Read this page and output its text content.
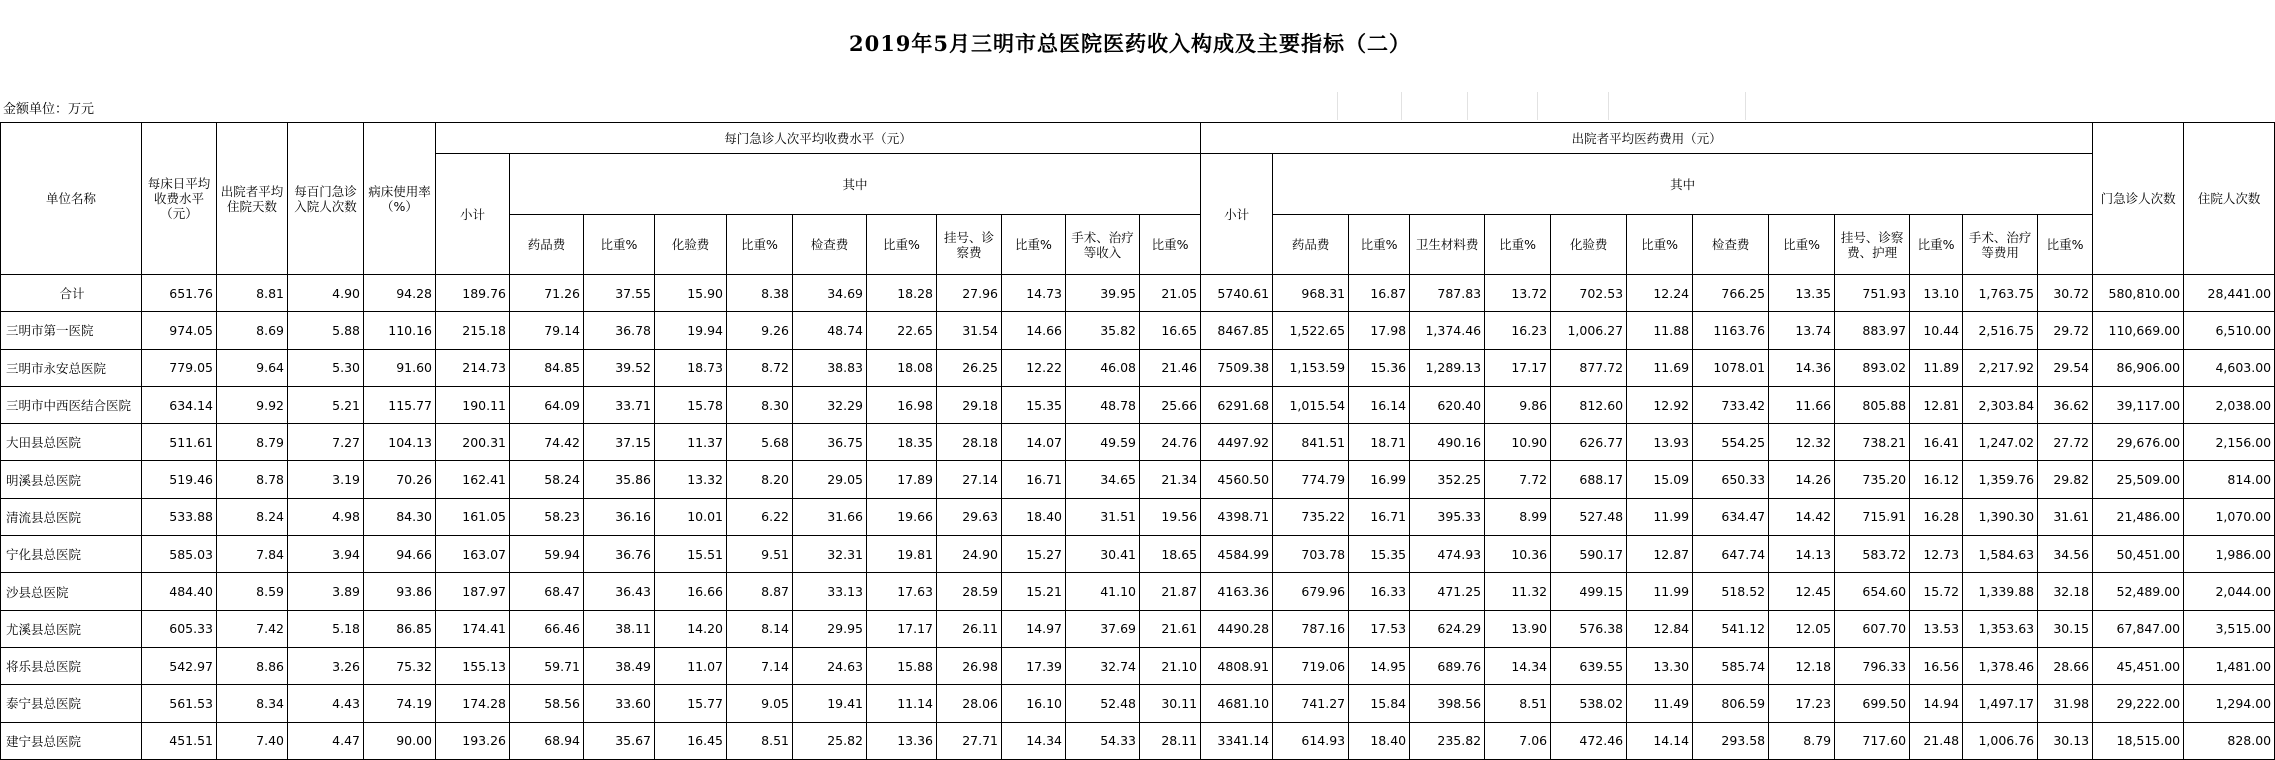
2019年5月三明市总医院医药收入构成及主要指标（二）
金额单位：万元
单位名称	每床日平均收费水平（元）	出院者平均住院天数	每百门急诊入院人次数	病床使用率（%）	每门急诊人次平均收费水平（元）											出院者平均医药费用（元）													门急诊人次数	住院人次数
					小计	其中										小计	其中													
						药品费	比重%	化验费	比重%	检查费	比重%	挂号、诊察费	比重%	手术、治疗等收入	比重%		药品费	比重%	卫生材料费	比重%	化验费	比重%	检查费	比重%	挂号、诊察费、护理	比重%	手术、治疗等费用	比重%		
合计	651.76	8.81	4.90	94.28	189.76	71.26	37.55	15.90	8.38	34.69	18.28	27.96	14.73	39.95	21.05	5740.61	968.31	16.87	787.83	13.72	702.53	12.24	766.25	13.35	751.93	13.10	1,763.75	30.72	580,810.00	28,441.00
三明市第一医院	974.05	8.69	5.88	110.16	215.18	79.14	36.78	19.94	9.26	48.74	22.65	31.54	14.66	35.82	16.65	8467.85	1,522.65	17.98	1,374.46	16.23	1,006.27	11.88	1163.76	13.74	883.97	10.44	2,516.75	29.72	110,669.00	6,510.00
三明市永安总医院	779.05	9.64	5.30	91.60	214.73	84.85	39.52	18.73	8.72	38.83	18.08	26.25	12.22	46.08	21.46	7509.38	1,153.59	15.36	1,289.13	17.17	877.72	11.69	1078.01	14.36	893.02	11.89	2,217.92	29.54	86,906.00	4,603.00
三明市中西医结合医院	634.14	9.92	5.21	115.77	190.11	64.09	33.71	15.78	8.30	32.29	16.98	29.18	15.35	48.78	25.66	6291.68	1,015.54	16.14	620.40	9.86	812.60	12.92	733.42	11.66	805.88	12.81	2,303.84	36.62	39,117.00	2,038.00
大田县总医院	511.61	8.79	7.27	104.13	200.31	74.42	37.15	11.37	5.68	36.75	18.35	28.18	14.07	49.59	24.76	4497.92	841.51	18.71	490.16	10.90	626.77	13.93	554.25	12.32	738.21	16.41	1,247.02	27.72	29,676.00	2,156.00
明溪县总医院	519.46	8.78	3.19	70.26	162.41	58.24	35.86	13.32	8.20	29.05	17.89	27.14	16.71	34.65	21.34	4560.50	774.79	16.99	352.25	7.72	688.17	15.09	650.33	14.26	735.20	16.12	1,359.76	29.82	25,509.00	814.00
清流县总医院	533.88	8.24	4.98	84.30	161.05	58.23	36.16	10.01	6.22	31.66	19.66	29.63	18.40	31.51	19.56	4398.71	735.22	16.71	395.33	8.99	527.48	11.99	634.47	14.42	715.91	16.28	1,390.30	31.61	21,486.00	1,070.00
宁化县总医院	585.03	7.84	3.94	94.66	163.07	59.94	36.76	15.51	9.51	32.31	19.81	24.90	15.27	30.41	18.65	4584.99	703.78	15.35	474.93	10.36	590.17	12.87	647.74	14.13	583.72	12.73	1,584.63	34.56	50,451.00	1,986.00
沙县总医院	484.40	8.59	3.89	93.86	187.97	68.47	36.43	16.66	8.87	33.13	17.63	28.59	15.21	41.10	21.87	4163.36	679.96	16.33	471.25	11.32	499.15	11.99	518.52	12.45	654.60	15.72	1,339.88	32.18	52,489.00	2,044.00
尤溪县总医院	605.33	7.42	5.18	86.85	174.41	66.46	38.11	14.20	8.14	29.95	17.17	26.11	14.97	37.69	21.61	4490.28	787.16	17.53	624.29	13.90	576.38	12.84	541.12	12.05	607.70	13.53	1,353.63	30.15	67,847.00	3,515.00
将乐县总医院	542.97	8.86	3.26	75.32	155.13	59.71	38.49	11.07	7.14	24.63	15.88	26.98	17.39	32.74	21.10	4808.91	719.06	14.95	689.76	14.34	639.55	13.30	585.74	12.18	796.33	16.56	1,378.46	28.66	45,451.00	1,481.00
泰宁县总医院	561.53	8.34	4.43	74.19	174.28	58.56	33.60	15.77	9.05	19.41	11.14	28.06	16.10	52.48	30.11	4681.10	741.27	15.84	398.56	8.51	538.02	11.49	806.59	17.23	699.50	14.94	1,497.17	31.98	29,222.00	1,294.00
建宁县总医院	451.51	7.40	4.47	90.00	193.26	68.94	35.67	16.45	8.51	25.82	13.36	27.71	14.34	54.33	28.11	3341.14	614.93	18.40	235.82	7.06	472.46	14.14	293.58	8.79	717.60	21.48	1,006.76	30.13	18,515.00	828.00
